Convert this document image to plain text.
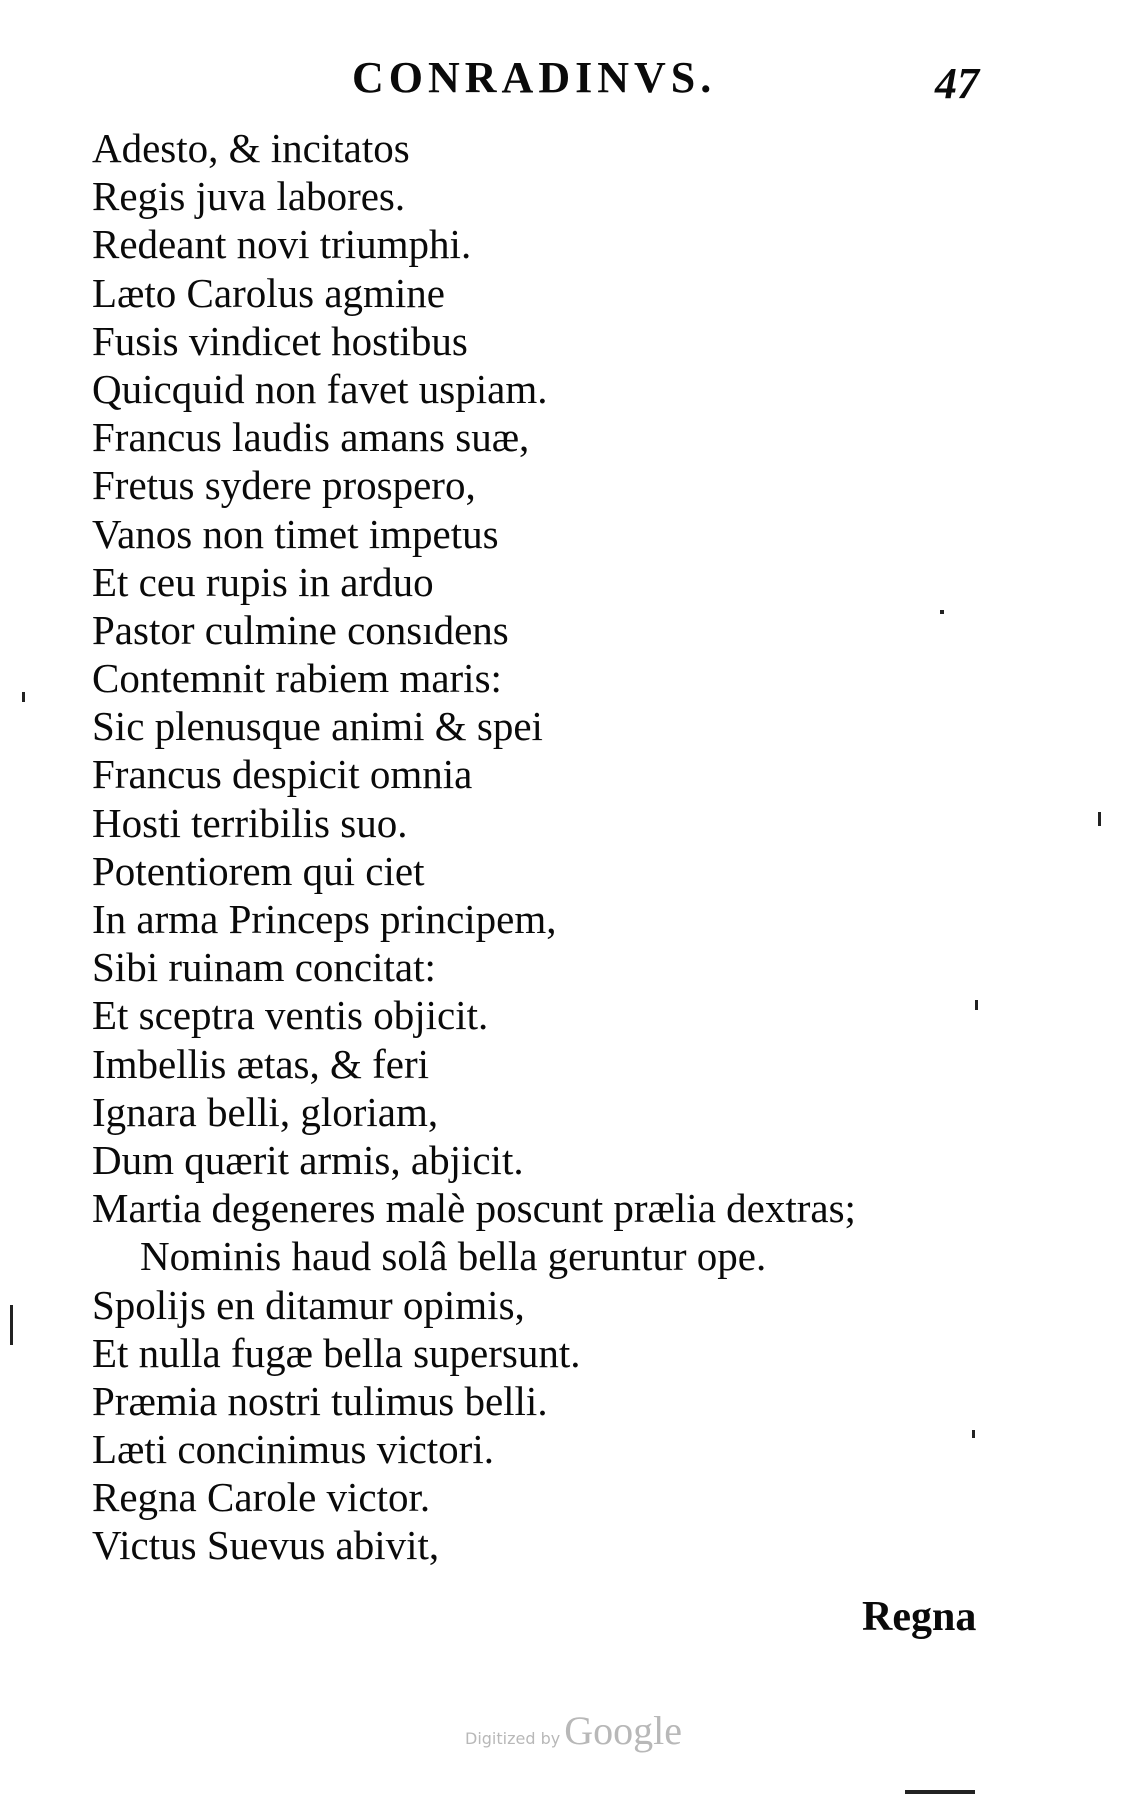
CONRADINVS.	47
Adesto, & incitatos
Regis juva labores.
Redeant novi triumphi.
Læto Carolus agmine
Fusis vindicet hostibus
Quicquid non favet uspiam.
Francus laudis amans suæ,
Fretus sydere prospero,
Vanos non timet impetus
Et ceu rupis in arduo
Pastor culmine consıdens
Contemnit rabiem maris:
Sic plenusque animi & spei
Francus despicit omnia
Hosti terribilis suo.
Potentiorem qui ciet
In arma Princeps principem,
Sibi ruinam concitat:
Et sceptra ventis objicit.
Imbellis ætas, & feri
Ignara belli, gloriam,
Dum quærit armis, abjicit.
Martia degeneres malè poscunt prælia dextras;
Nominis haud solâ bella geruntur ope.
Spolijs en ditamur opimis,
Et nulla fugæ bella supersunt.
Præmia nostri tulimus belli.
Læti concinimus victori.
Regna Carole victor.
Victus Suevus abivit,
Regna
Digitized by Google
